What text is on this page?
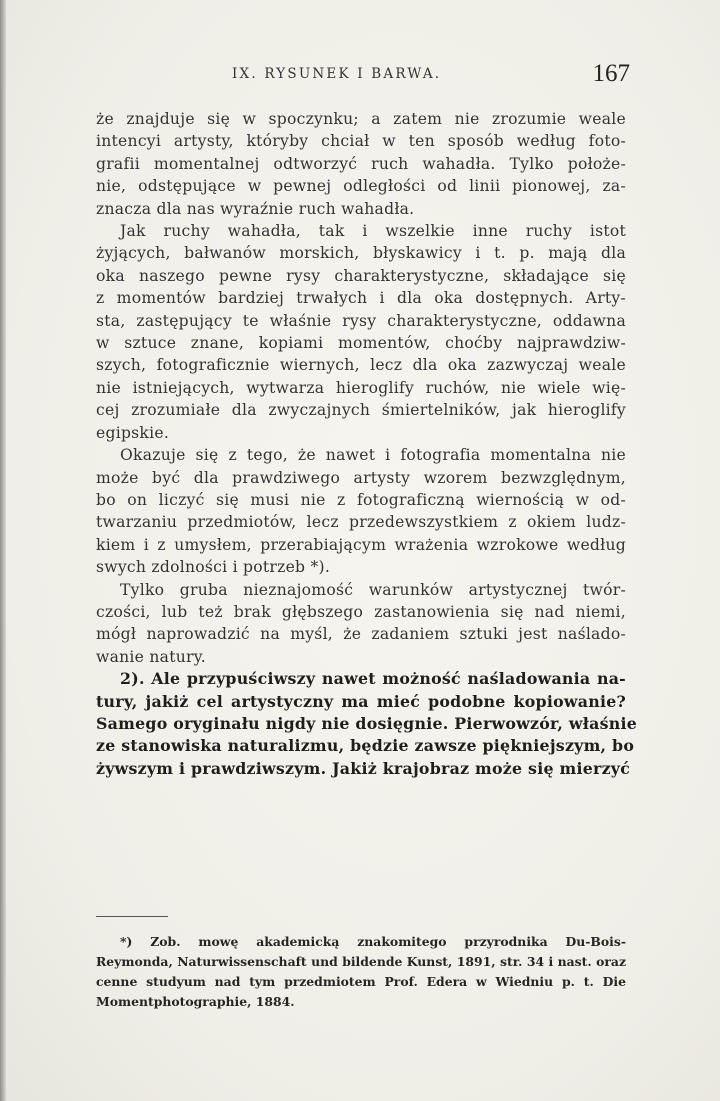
IX. RYSUNEK I BARWA.	167

że znajduje się w spoczynku; a zatem nie zrozumie weale
intencyi artysty, któryby chciał w ten sposób według foto-
grafii momentalnej odtworzyć ruch wahadła. Tylko położe-
nie, odstępujące w pewnej odległości od linii pionowej, za-
znacza dla nas wyraźnie ruch wahadła.

Jak ruchy wahadła, tak i wszelkie inne ruchy istot
żyjących, bałwanów morskich, błyskawicy i t. p. mają dla
oka naszego pewne rysy charakterystyczne, składające się
z momentów bardziej trwałych i dla oka dostępnych. Arty-
sta, zastępujący te właśnie rysy charakterystyczne, oddawna
w sztuce znane, kopiami momentów, choćby najprawdziw-
szych, fotograficznie wiernych, lecz dla oka zazwyczaj weale
nie istniejących, wytwarza hieroglify ruchów, nie wiele wię-
cej zrozumiałe dla zwyczajnych śmiertelników, jak hieroglify
egipskie.

Okazuje się z tego, że nawet i fotografia momentalna nie
może być dla prawdziwego artysty wzorem bezwzględnym,
bo on liczyć się musi nie z fotograficzną wiernością w od-
twarzaniu przedmiotów, lecz przedewszystkiem z okiem ludz-
kiem i z umysłem, przerabiającym wrażenia wzrokowe według
swych zdolności i potrzeb *).

Tylko gruba nieznajomość warunków artystycznej twór-
czości, lub też brak głębszego zastanowienia się nad niemi,
mógł naprowadzić na myśl, że zadaniem sztuki jest naślado-
wanie natury.

2). Ale przypuściwszy nawet możność naśladowania na-
tury, jakiż cel artystyczny ma mieć podobne kopiowanie?
Samego oryginału nigdy nie dosięgnie. Pierwowzór, właśnie
ze stanowiska naturalizmu, będzie zawsze piękniejszym, bo
żywszym i prawdziwszym. Jakiż krajobraz może się mierzyć

*) Zob. mowę akademicką znakomitego przyrodnika Du-Bois-
Reymonda, Naturwissenschaft und bildende Kunst, 1891, str. 34 i nast. oraz
cenne studyum nad tym przedmiotem Prof. Edera w Wiedniu p. t. Die
Momentphotographie, 1884.
